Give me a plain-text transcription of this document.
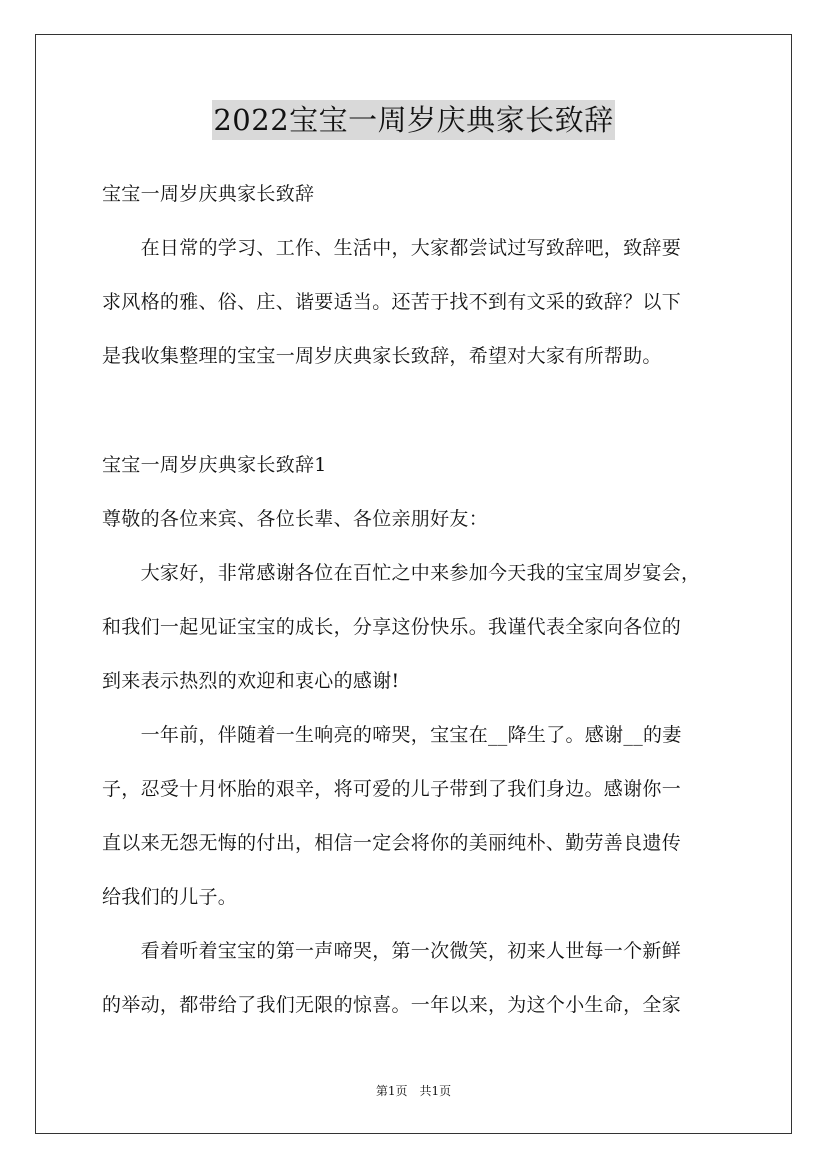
2022宝宝一周岁庆典家长致辞
宝宝一周岁庆典家长致辞
　　在日常的学习、工作、生活中，大家都尝试过写致辞吧，致辞要
求风格的雅、俗、庄、谐要适当。还苦于找不到有文采的致辞？以下
是我收集整理的宝宝一周岁庆典家长致辞，希望对大家有所帮助。
宝宝一周岁庆典家长致辞1
尊敬的各位来宾、各位长辈、各位亲朋好友：
　　大家好，非常感谢各位在百忙之中来参加今天我的宝宝周岁宴会，
和我们一起见证宝宝的成长，分享这份快乐。我谨代表全家向各位的
到来表示热烈的欢迎和衷心的感谢!
　　一年前，伴随着一生响亮的啼哭，宝宝在__降生了。感谢__的妻
子，忍受十月怀胎的艰辛，将可爱的儿子带到了我们身边。感谢你一
直以来无怨无悔的付出，相信一定会将你的美丽纯朴、勤劳善良遗传
给我们的儿子。
　　看着听着宝宝的第一声啼哭，第一次微笑，初来人世每一个新鲜
的举动，都带给了我们无限的惊喜。一年以来，为这个小生命，全家
第1页　共1页
